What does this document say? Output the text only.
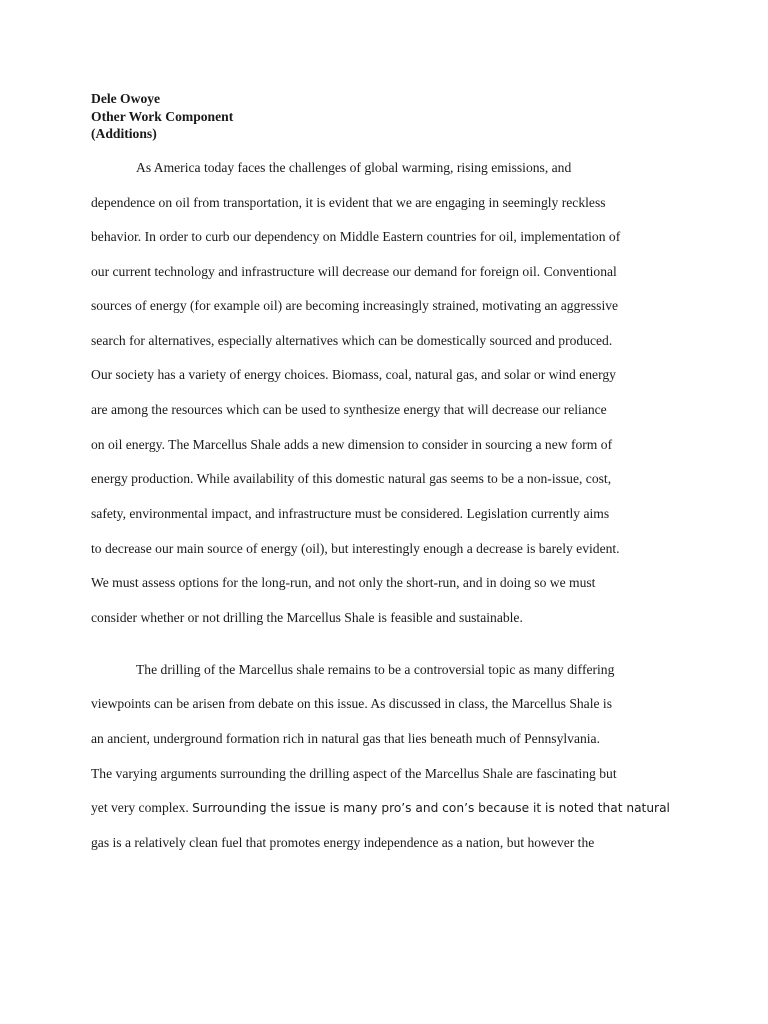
Dele Owoye
Other Work Component
(Additions)
As America today faces the challenges of global warming, rising emissions, and
dependence on oil from transportation, it is evident that we are engaging in seemingly reckless
behavior. In order to curb our dependency on Middle Eastern countries for oil, implementation of
our current technology and infrastructure will decrease our demand for foreign oil. Conventional
sources of energy (for example oil) are becoming increasingly strained, motivating an aggressive
search for alternatives, especially alternatives which can be domestically sourced and produced.
Our society has a variety of energy choices. Biomass, coal, natural gas, and solar or wind energy
are among the resources which can be used to synthesize energy that will decrease our reliance
on oil energy. The Marcellus Shale adds a new dimension to consider in sourcing a new form of
energy production. While availability of this domestic natural gas seems to be a non-issue, cost,
safety, environmental impact, and infrastructure must be considered. Legislation currently aims
to decrease our main source of energy (oil), but interestingly enough a decrease is barely evident.
We must assess options for the long-run, and not only the short-run, and in doing so we must
consider whether or not drilling the Marcellus Shale is feasible and sustainable.
The drilling of the Marcellus shale remains to be a controversial topic as many differing
viewpoints can be arisen from debate on this issue. As discussed in class, the Marcellus Shale is
an ancient, underground formation rich in natural gas that lies beneath much of Pennsylvania.
The varying arguments surrounding the drilling aspect of the Marcellus Shale are fascinating but
yet very complex. Surrounding the issue is many pro’s and con’s because it is noted that natural
gas is a relatively clean fuel that promotes energy independence as a nation, but however the
